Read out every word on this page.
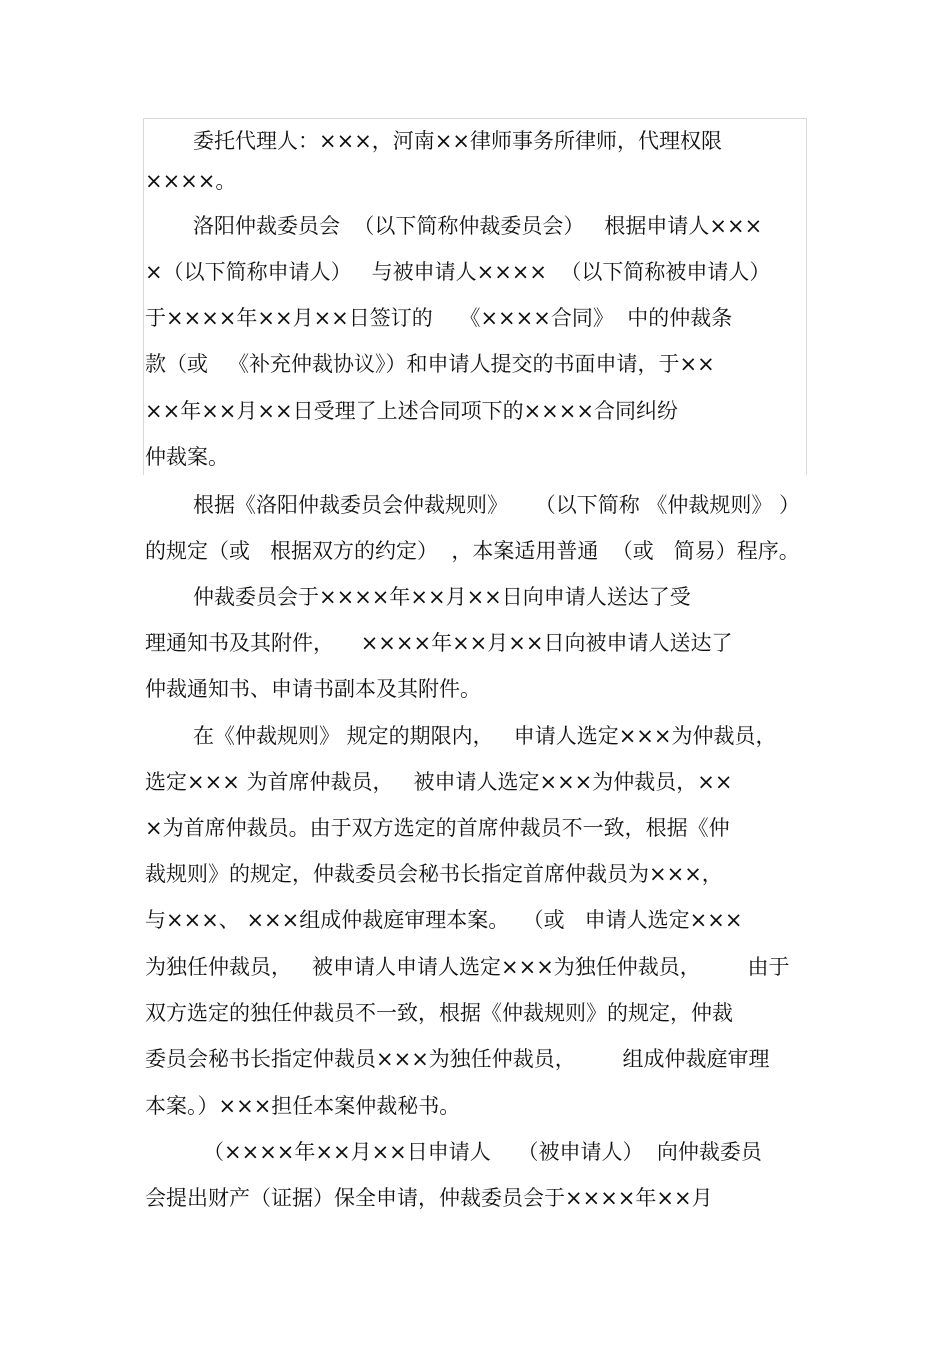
委托代理人：×××，河南××律师事务所律师，代理权限
××××。
洛阳仲裁委员会  （以下简称仲裁委员会）   根据申请人×××
×（以下简称申请人）   与被申请人××××  （以下简称被申请人）
于××××年××月××日签订的    《××××合同》  中的仲裁条
款（或   《补充仲裁协议》）和申请人提交的书面申请，于××
××年××月××日受理了上述合同项下的××××合同纠纷
仲裁案。
根据《洛阳仲裁委员会仲裁规则》    （以下简称 《仲裁规则》 ）
的规定（或   根据双方的约定）  ，本案适用普通  （或   简易）程序。
仲裁委员会于××××年××月××日向申请人送达了受
理通知书及其附件，    ××××年××月××日向被申请人送达了
仲裁通知书、申请书副本及其附件。
在《仲裁规则》 规定的期限内，   申请人选定×××为仲裁员，
选定××× 为首席仲裁员，   被申请人选定×××为仲裁员，××
×为首席仲裁员。由于双方选定的首席仲裁员不一致，根据《仲
裁规则》的规定，仲裁委员会秘书长指定首席仲裁员为×××，
与×××、 ×××组成仲裁庭审理本案。  （或   申请人选定×××
为独任仲裁员，   被申请人申请人选定×××为独任仲裁员，       由于
双方选定的独任仲裁员不一致，根据《仲裁规则》的规定，仲裁
委员会秘书长指定仲裁员×××为独任仲裁员，       组成仲裁庭审理
本案。）×××担任本案仲裁秘书。
（××××年××月××日申请人    （被申请人）  向仲裁委员
会提出财产（证据）保全申请，仲裁委员会于××××年××月
